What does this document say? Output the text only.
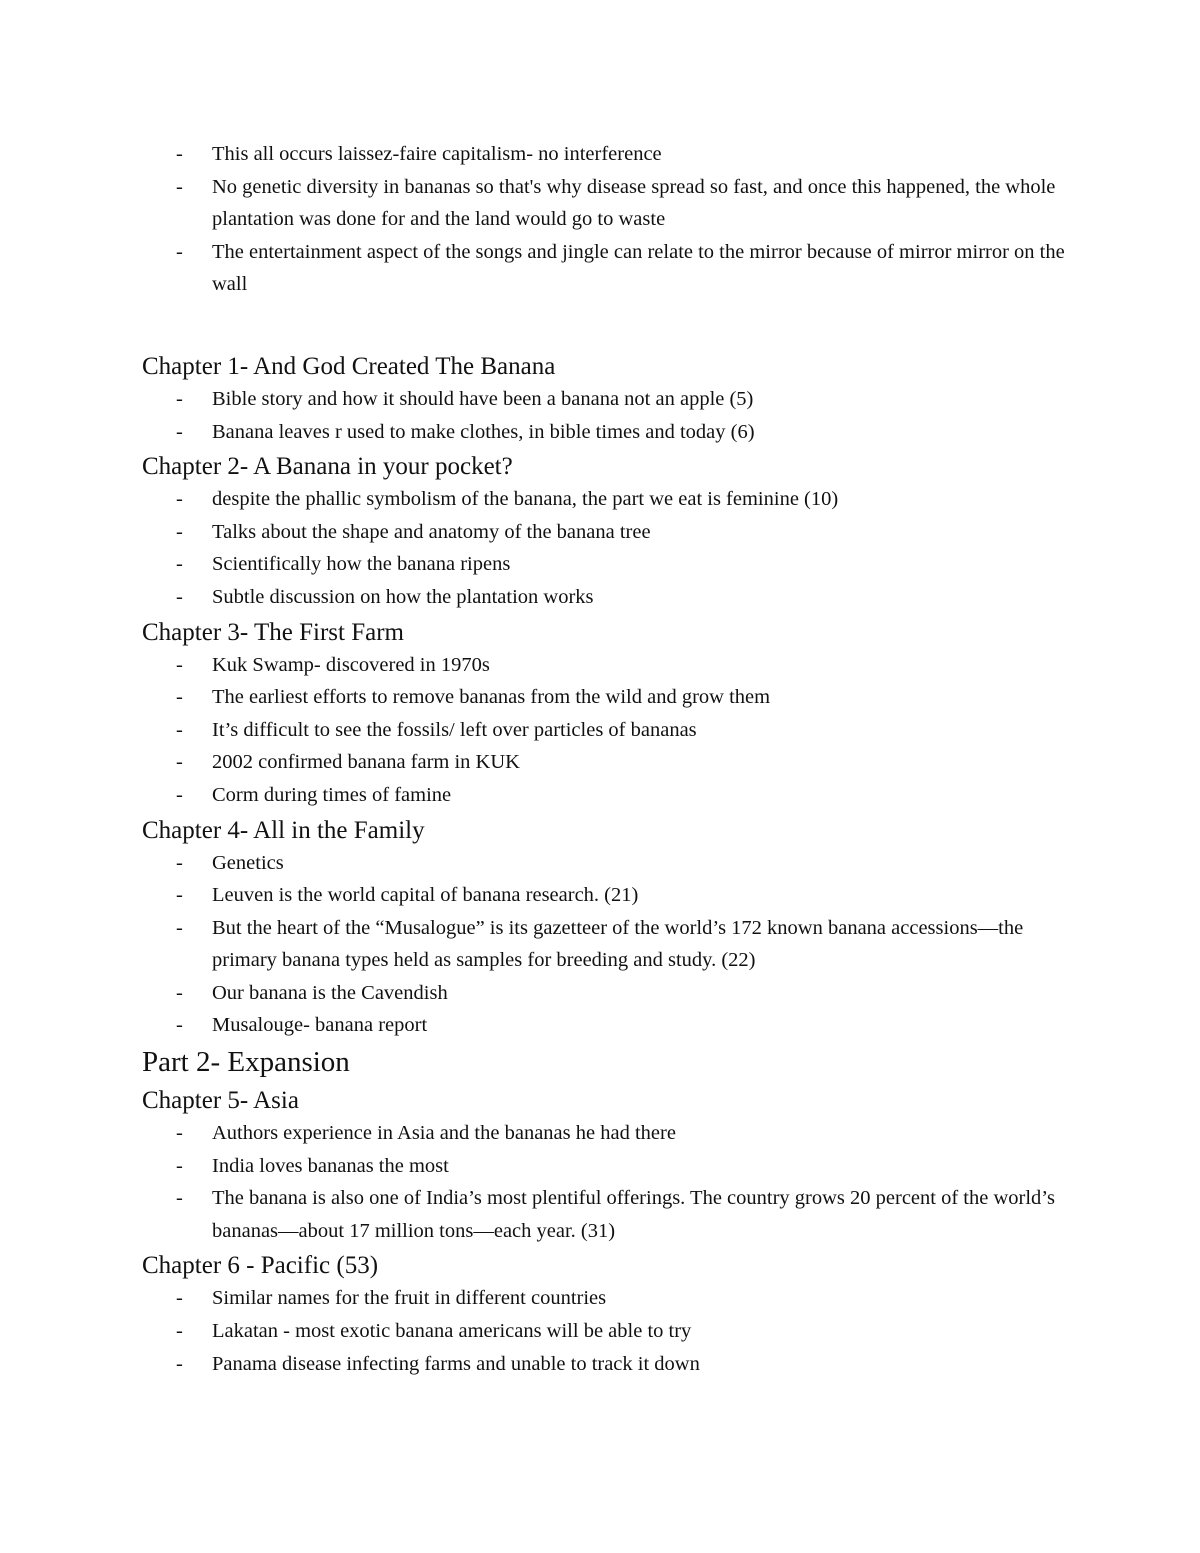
- This all occurs laissez-faire capitalism- no interference
- No genetic diversity in bananas so that's why disease spread so fast, and once this happened, the whole plantation was done for and the land would go to waste
- The entertainment aspect of the songs and jingle can relate to the mirror because of mirror mirror on the wall
Chapter 1- And God Created The Banana
- Bible story and how it should have been a banana not an apple (5)
- Banana leaves r used to make clothes, in bible times and today (6)
Chapter 2- A Banana in your pocket?
- despite the phallic symbolism of the banana, the part we eat is feminine (10)
- Talks about the shape and anatomy of the banana tree
- Scientifically how the banana ripens
- Subtle discussion on how the plantation works
Chapter 3- The First Farm
- Kuk Swamp- discovered in 1970s
- The earliest efforts to remove bananas from the wild and grow them
- It’s difficult to see the fossils/ left over particles of bananas
- 2002 confirmed banana farm in KUK
- Corm during times of famine
Chapter 4- All in the Family
- Genetics
- Leuven is the world capital of banana research. (21)
- But the heart of the “Musalogue” is its gazetteer of the world’s 172 known banana accessions—the primary banana types held as samples for breeding and study. (22)
- Our banana is the Cavendish
- Musalouge- banana report
Part 2- Expansion
Chapter 5- Asia
- Authors experience in Asia and the bananas he had there
- India loves bananas the most
- The banana is also one of India’s most plentiful offerings. The country grows 20 percent of the world’s bananas—about 17 million tons—each year. (31)
Chapter 6 - Pacific (53)
- Similar names for the fruit in different countries
- Lakatan - most exotic banana americans will be able to try
- Panama disease infecting farms and unable to track it down
